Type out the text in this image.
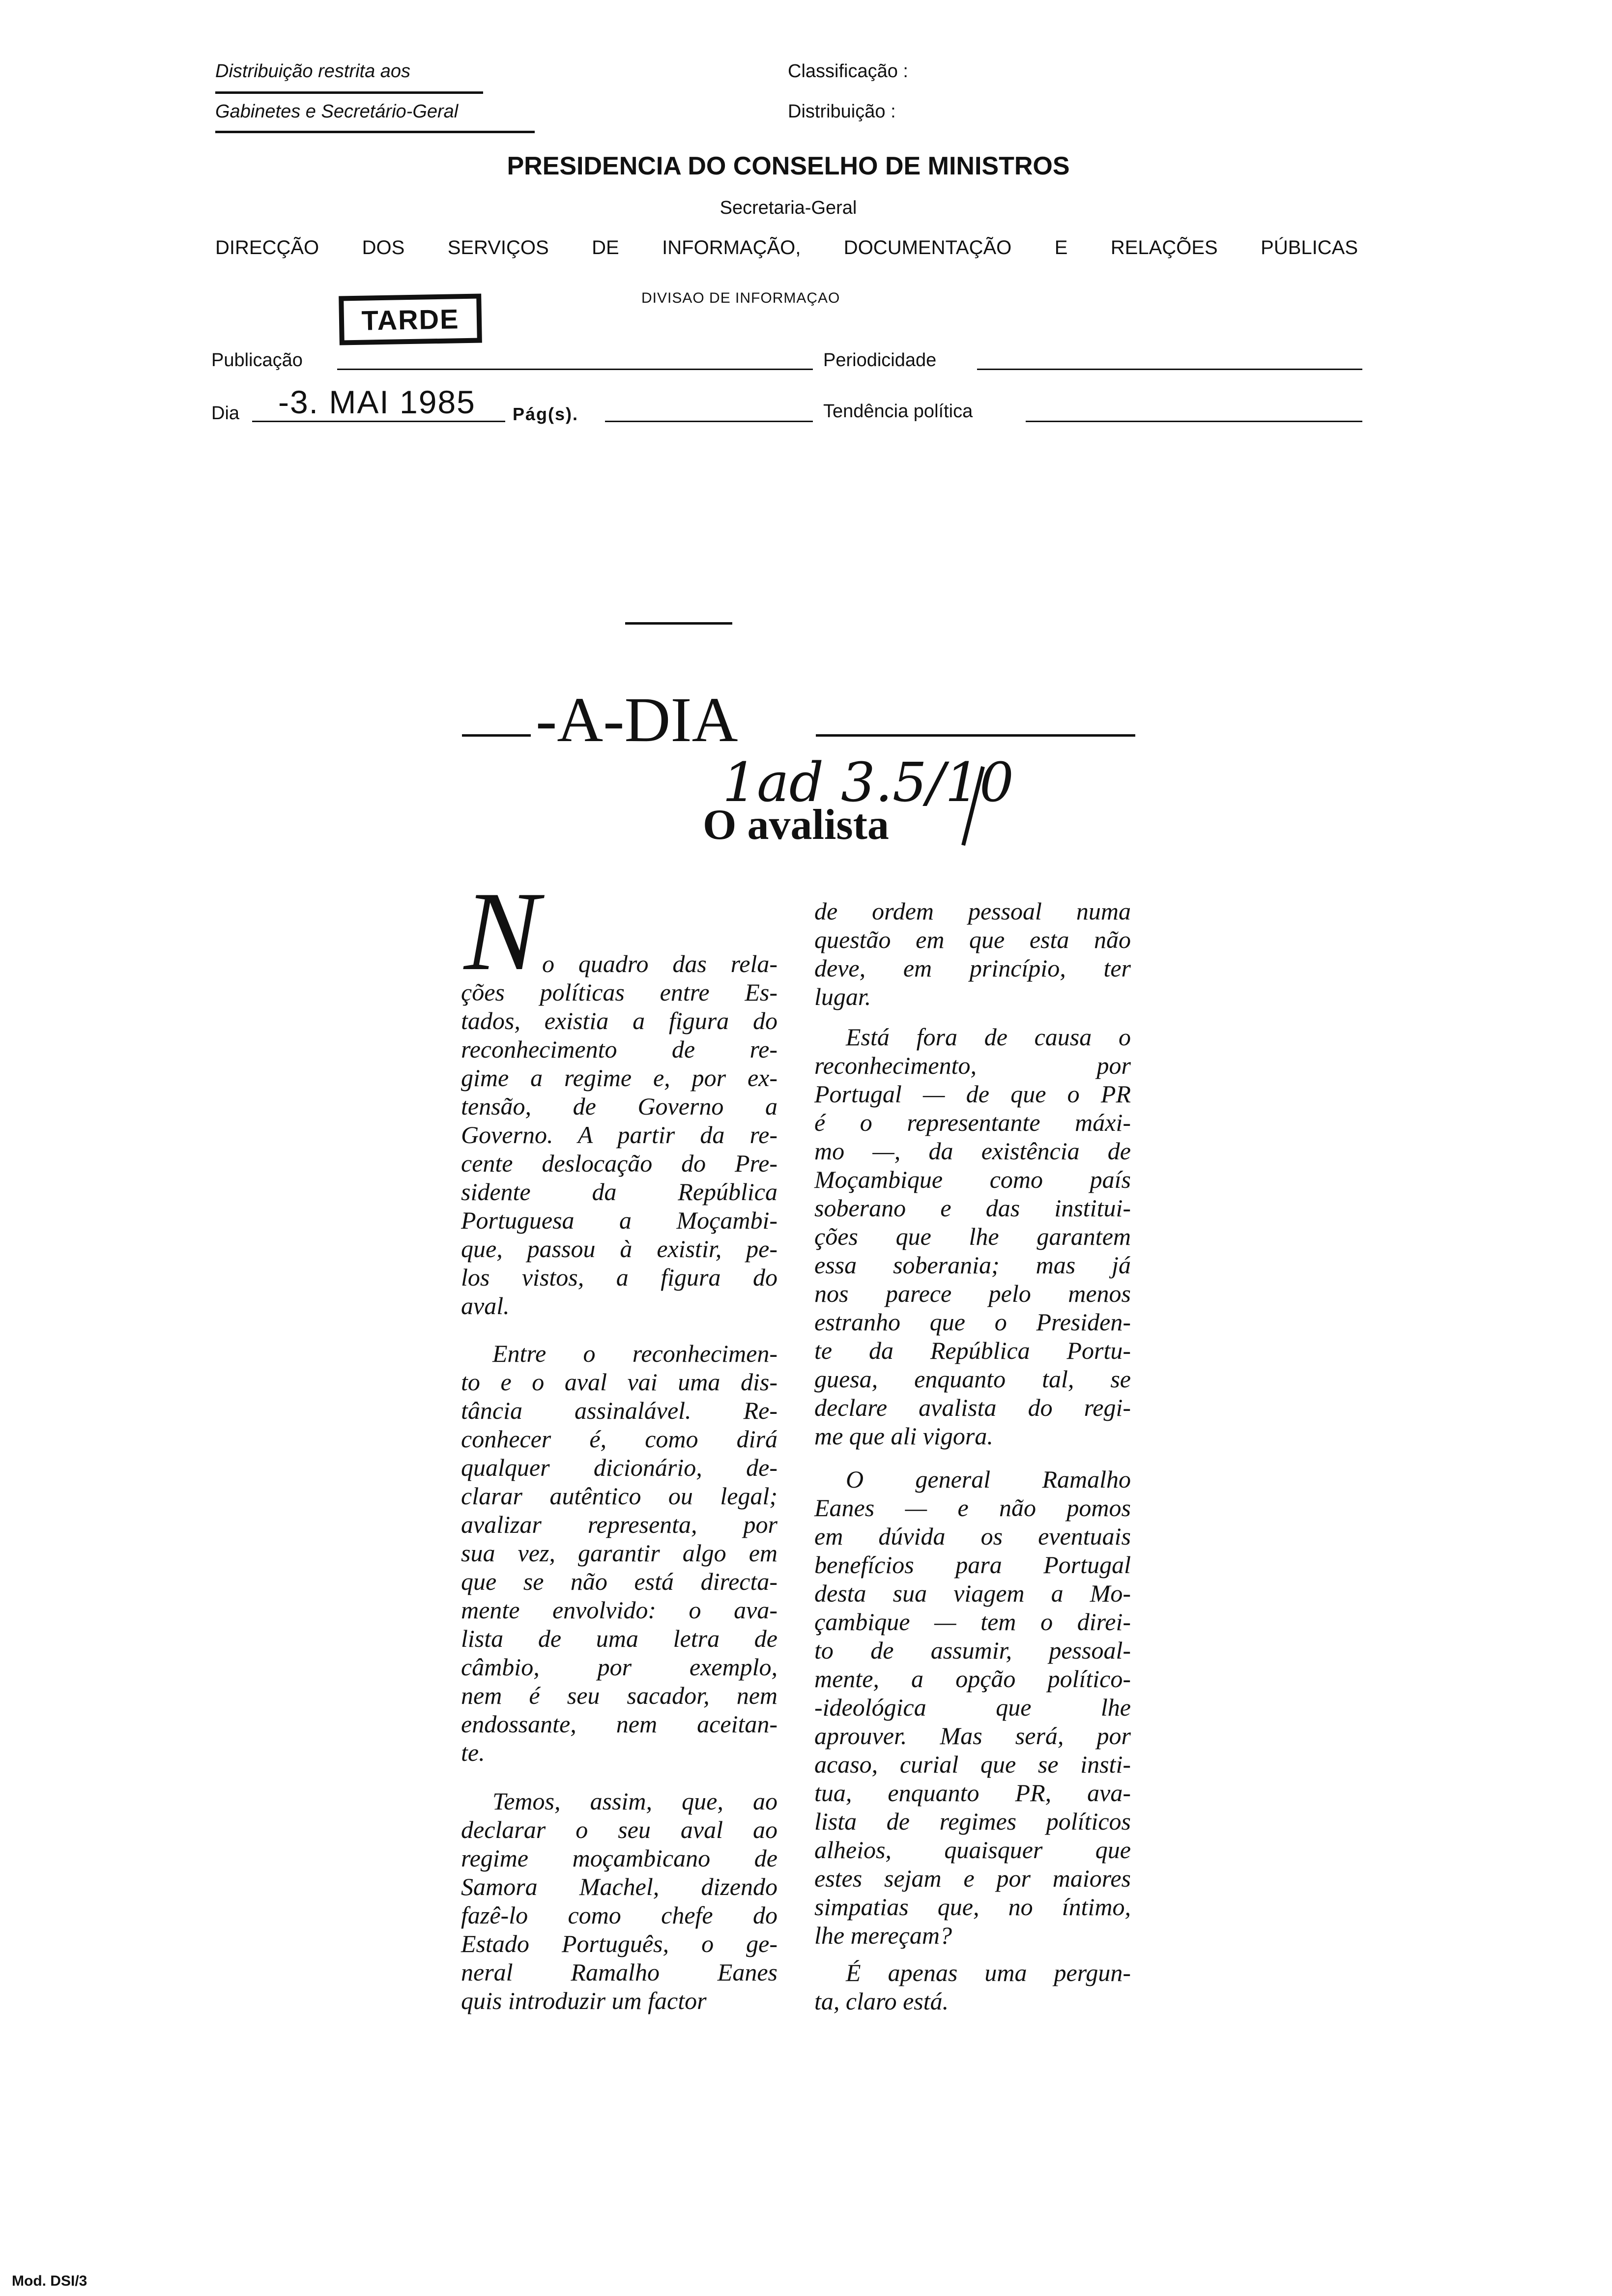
Distribuição restrita aos
Gabinetes e Secretário-Geral
Classificação :
Distribuição :
PRESIDENCIA DO CONSELHO DE MINISTROS
Secretaria-Geral
DIRECÇÃO DOS SERVIÇOS DE INFORMAÇÃO, DOCUMENTAÇÃO E RELAÇÕES PÚBLICAS
TARDE
DIVISAO DE INFORMAÇAO
Publicação	Periodicidade
Dia -3. MAI 1985 Pág(s).	Tendência política
-A-DIA
1ad 3.5/10
O avalista
N o quadro das rela-
ções políticas entre Es-
tados, existia a figura do
reconhecimento de re-
gime a regime e, por ex-
tensão, de Governo a
Governo. A partir da re-
cente deslocação do Pre-
sidente da República
Portuguesa a Moçambi-
que, passou à existir, pe-
los vistos, a figura do
aval.
Entre o reconhecimen-
to e o aval vai uma dis-
tância assinalável. Re-
conhecer é, como dirá
qualquer dicionário, de-
clarar autêntico ou legal;
avalizar representa, por
sua vez, garantir algo em
que se não está directa-
mente envolvido: o ava-
lista de uma letra de
câmbio, por exemplo,
nem é seu sacador, nem
endossante, nem aceitan-
te.
Temos, assim, que, ao
declarar o seu aval ao
regime moçambicano de
Samora Machel, dizendo
fazê-lo como chefe do
Estado Português, o ge-
neral Ramalho Eanes
quis introduzir um factor
de ordem pessoal numa
questão em que esta não
deve, em princípio, ter
lugar.
Está fora de causa o
reconhecimento, por
Portugal — de que o PR
é o representante máxi-
mo —, da existência de
Moçambique como país
soberano e das institui-
ções que lhe garantem
essa soberania; mas já
nos parece pelo menos
estranho que o Presiden-
te da República Portu-
guesa, enquanto tal, se
declare avalista do regi-
me que ali vigora.
O general Ramalho
Eanes — e não pomos
em dúvida os eventuais
benefícios para Portugal
desta sua viagem a Mo-
çambique — tem o direi-
to de assumir, pessoal-
mente, a opção político-
-ideológica que lhe
aprouver. Mas será, por
acaso, curial que se insti-
tua, enquanto PR, ava-
lista de regimes políticos
alheios, quaisquer que
estes sejam e por maiores
simpatias que, no íntimo,
lhe mereçam?
É apenas uma pergun-
ta, claro está.
Mod. DSI/3
